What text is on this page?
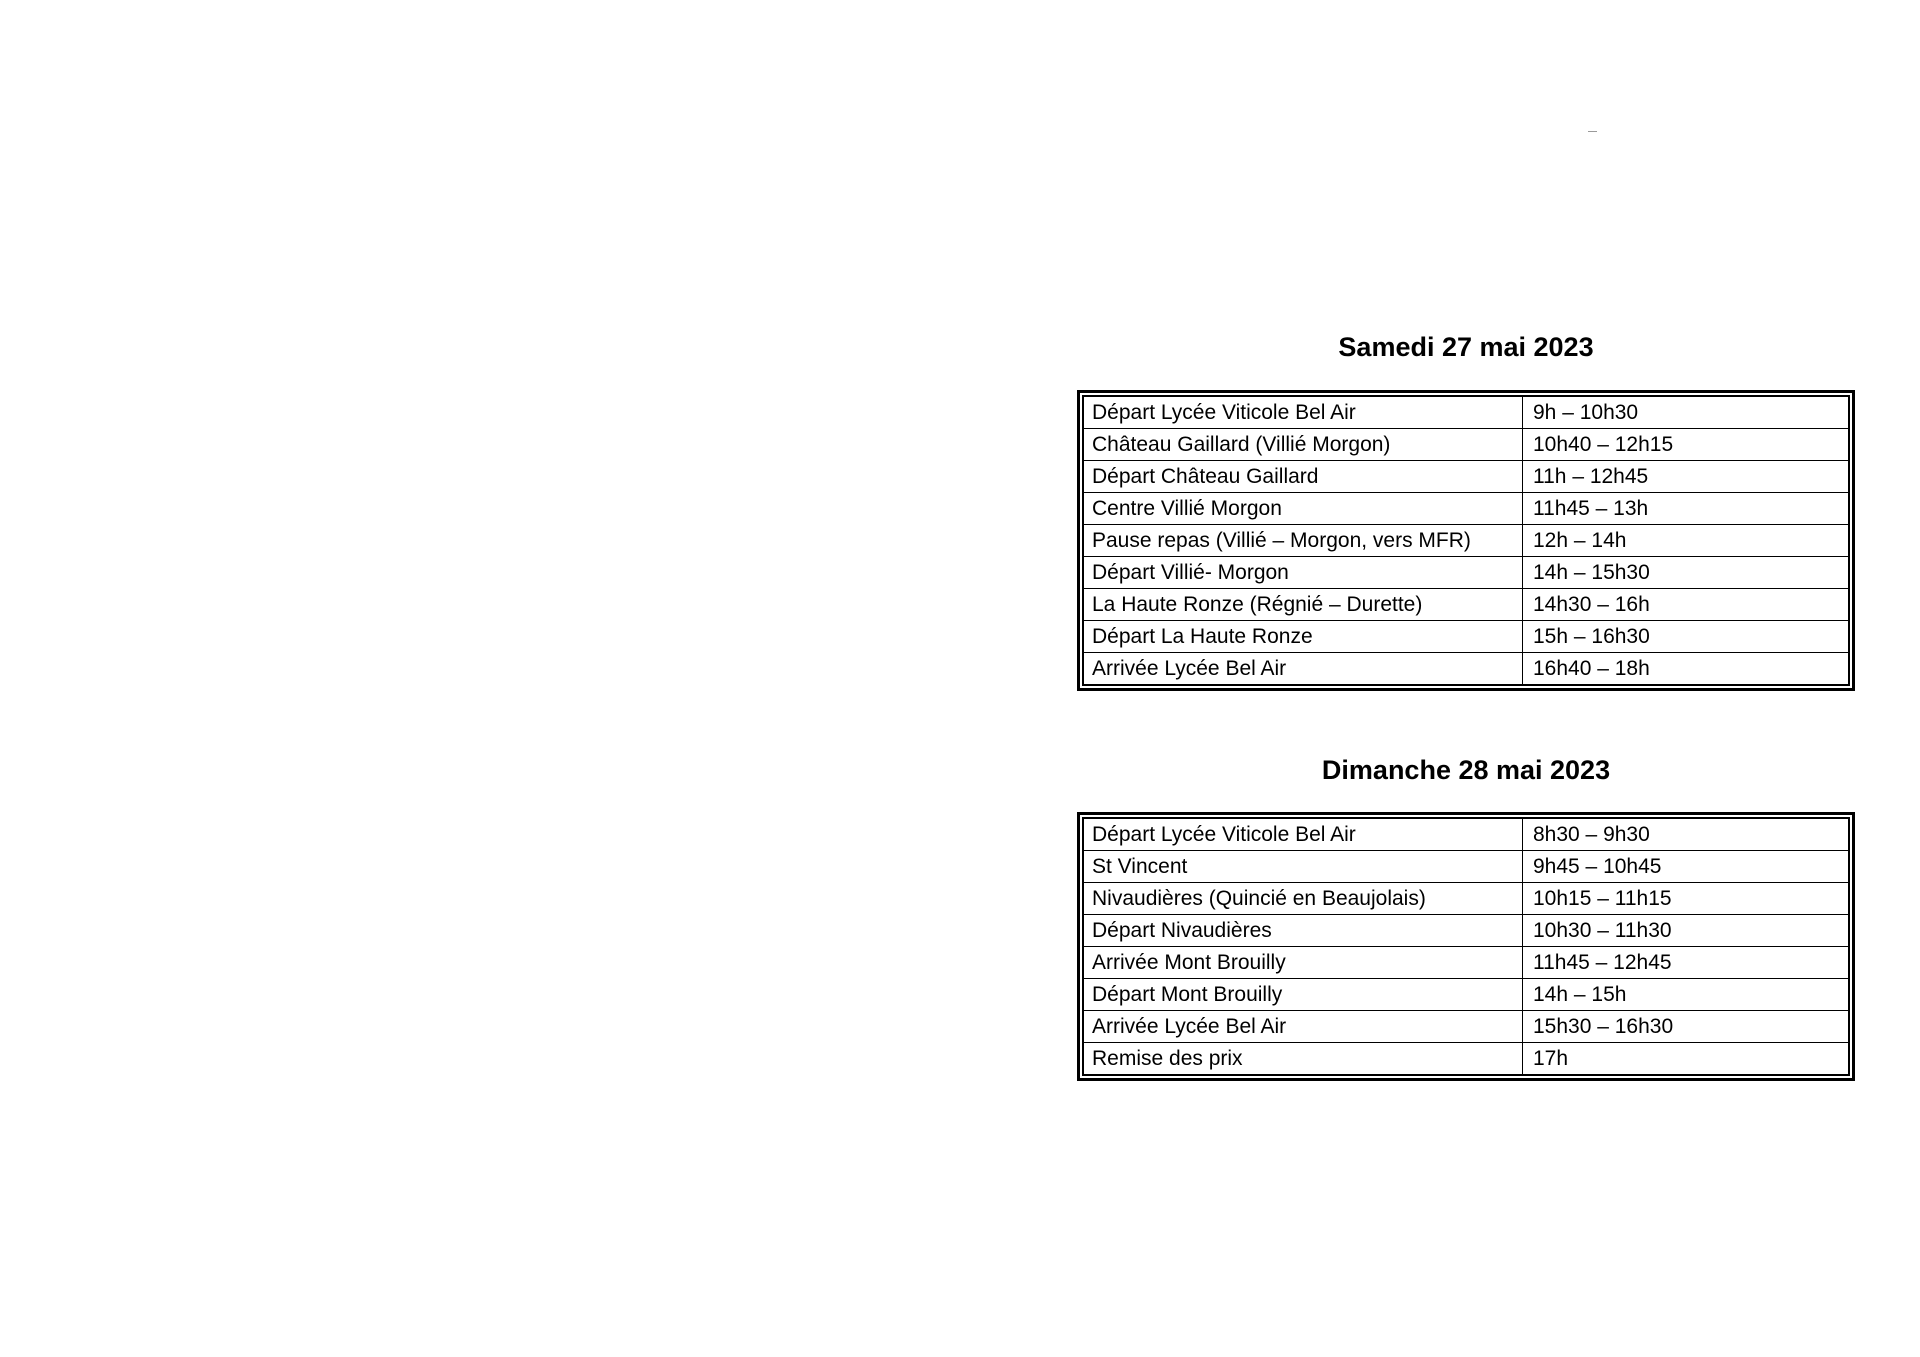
Samedi 27 mai 2023
Départ Lycée Viticole Bel Air	9h – 10h30
Château Gaillard (Villié Morgon)	10h40 – 12h15
Départ Château Gaillard	11h – 12h45
Centre Villié Morgon	11h45 – 13h
Pause repas (Villié – Morgon, vers MFR)	12h – 14h
Départ Villié- Morgon	14h – 15h30
La Haute Ronze (Régnié – Durette)	14h30 – 16h
Départ La Haute Ronze	15h – 16h30
Arrivée Lycée Bel Air	16h40 – 18h
Dimanche 28 mai 2023
Départ Lycée Viticole Bel Air	8h30 – 9h30
St Vincent	9h45 – 10h45
Nivaudières (Quincié en Beaujolais)	10h15 – 11h15
Départ Nivaudières	10h30 – 11h30
Arrivée Mont Brouilly	11h45 – 12h45
Départ Mont Brouilly	14h – 15h
Arrivée Lycée Bel Air	15h30 – 16h30
Remise des prix	17h
